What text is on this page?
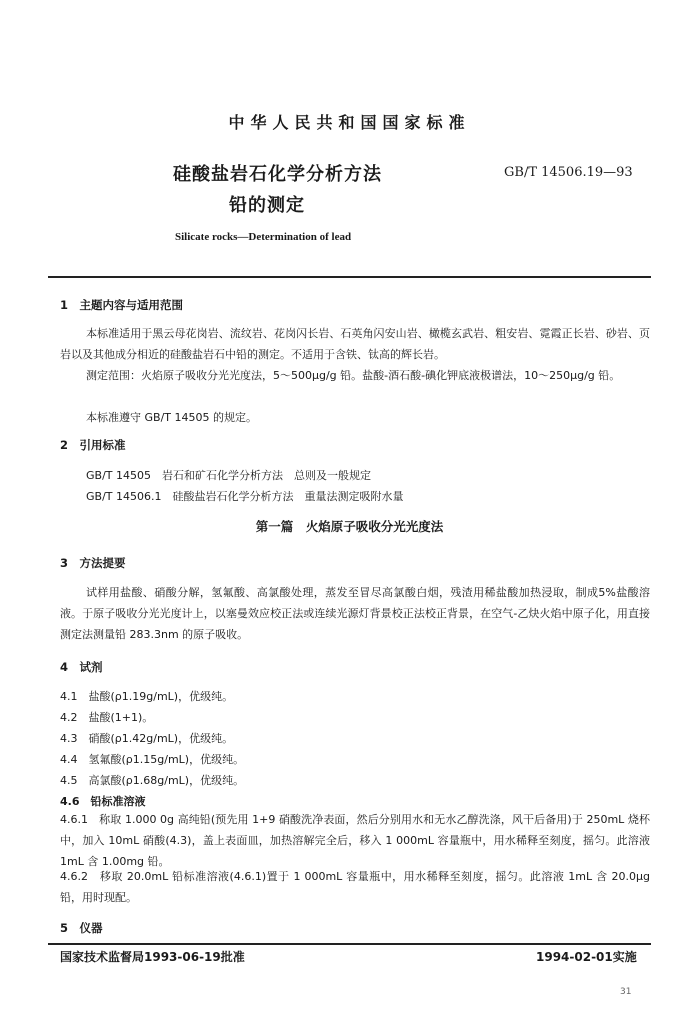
中华人民共和国国家标准
硅酸盐岩石化学分析方法
铅的测定
GB/T 14506.19—93
Silicate rocks—Determination of lead
1　主题内容与适用范围
本标准适用于黑云母花岗岩、流纹岩、花岗闪长岩、石英角闪安山岩、橄榄玄武岩、粗安岩、霓霞正长岩、砂岩、页岩以及其他成分相近的硅酸盐岩石中铅的测定。不适用于含铁、钛高的辉长岩。
测定范围：火焰原子吸收分光光度法，5～500μg/g 铅。盐酸-酒石酸-碘化钾底液极谱法，10～250μg/g 铅。
本标准遵守 GB/T 14505 的规定。
2　引用标准
GB/T 14505　岩石和矿石化学分析方法　总则及一般规定
GB/T 14506.1　硅酸盐岩石化学分析方法　重量法测定吸附水量
第一篇　火焰原子吸收分光光度法
3　方法提要
试样用盐酸、硝酸分解，氢氟酸、高氯酸处理，蒸发至冒尽高氯酸白烟，残渣用稀盐酸加热浸取，制成5%盐酸溶液。于原子吸收分光光度计上，以塞曼效应校正法或连续光源灯背景校正法校正背景，在空气-乙炔火焰中原子化，用直接测定法测量铅 283.3nm 的原子吸收。
4　试剂
4.1　盐酸(ρ1.19g/mL)，优级纯。
4.2　盐酸(1+1)。
4.3　硝酸(ρ1.42g/mL)，优级纯。
4.4　氢氟酸(ρ1.15g/mL)，优级纯。
4.5　高氯酸(ρ1.68g/mL)，优级纯。
4.6　铅标准溶液
4.6.1　称取 1.000 0g 高纯铅(预先用 1+9 硝酸洗净表面，然后分别用水和无水乙醇洗涤，风干后备用)于 250mL 烧杯中，加入 10mL 硝酸(4.3)，盖上表面皿，加热溶解完全后，移入 1 000mL 容量瓶中，用水稀释至刻度，摇匀。此溶液 1mL 含 1.00mg 铅。
4.6.2　移取 20.0mL 铅标准溶液(4.6.1)置于 1 000mL 容量瓶中，用水稀释至刻度，摇匀。此溶液 1mL 含 20.0μg 铅，用时现配。
5　仪器
国家技术监督局1993-06-19批准	1994-02-01实施
31
